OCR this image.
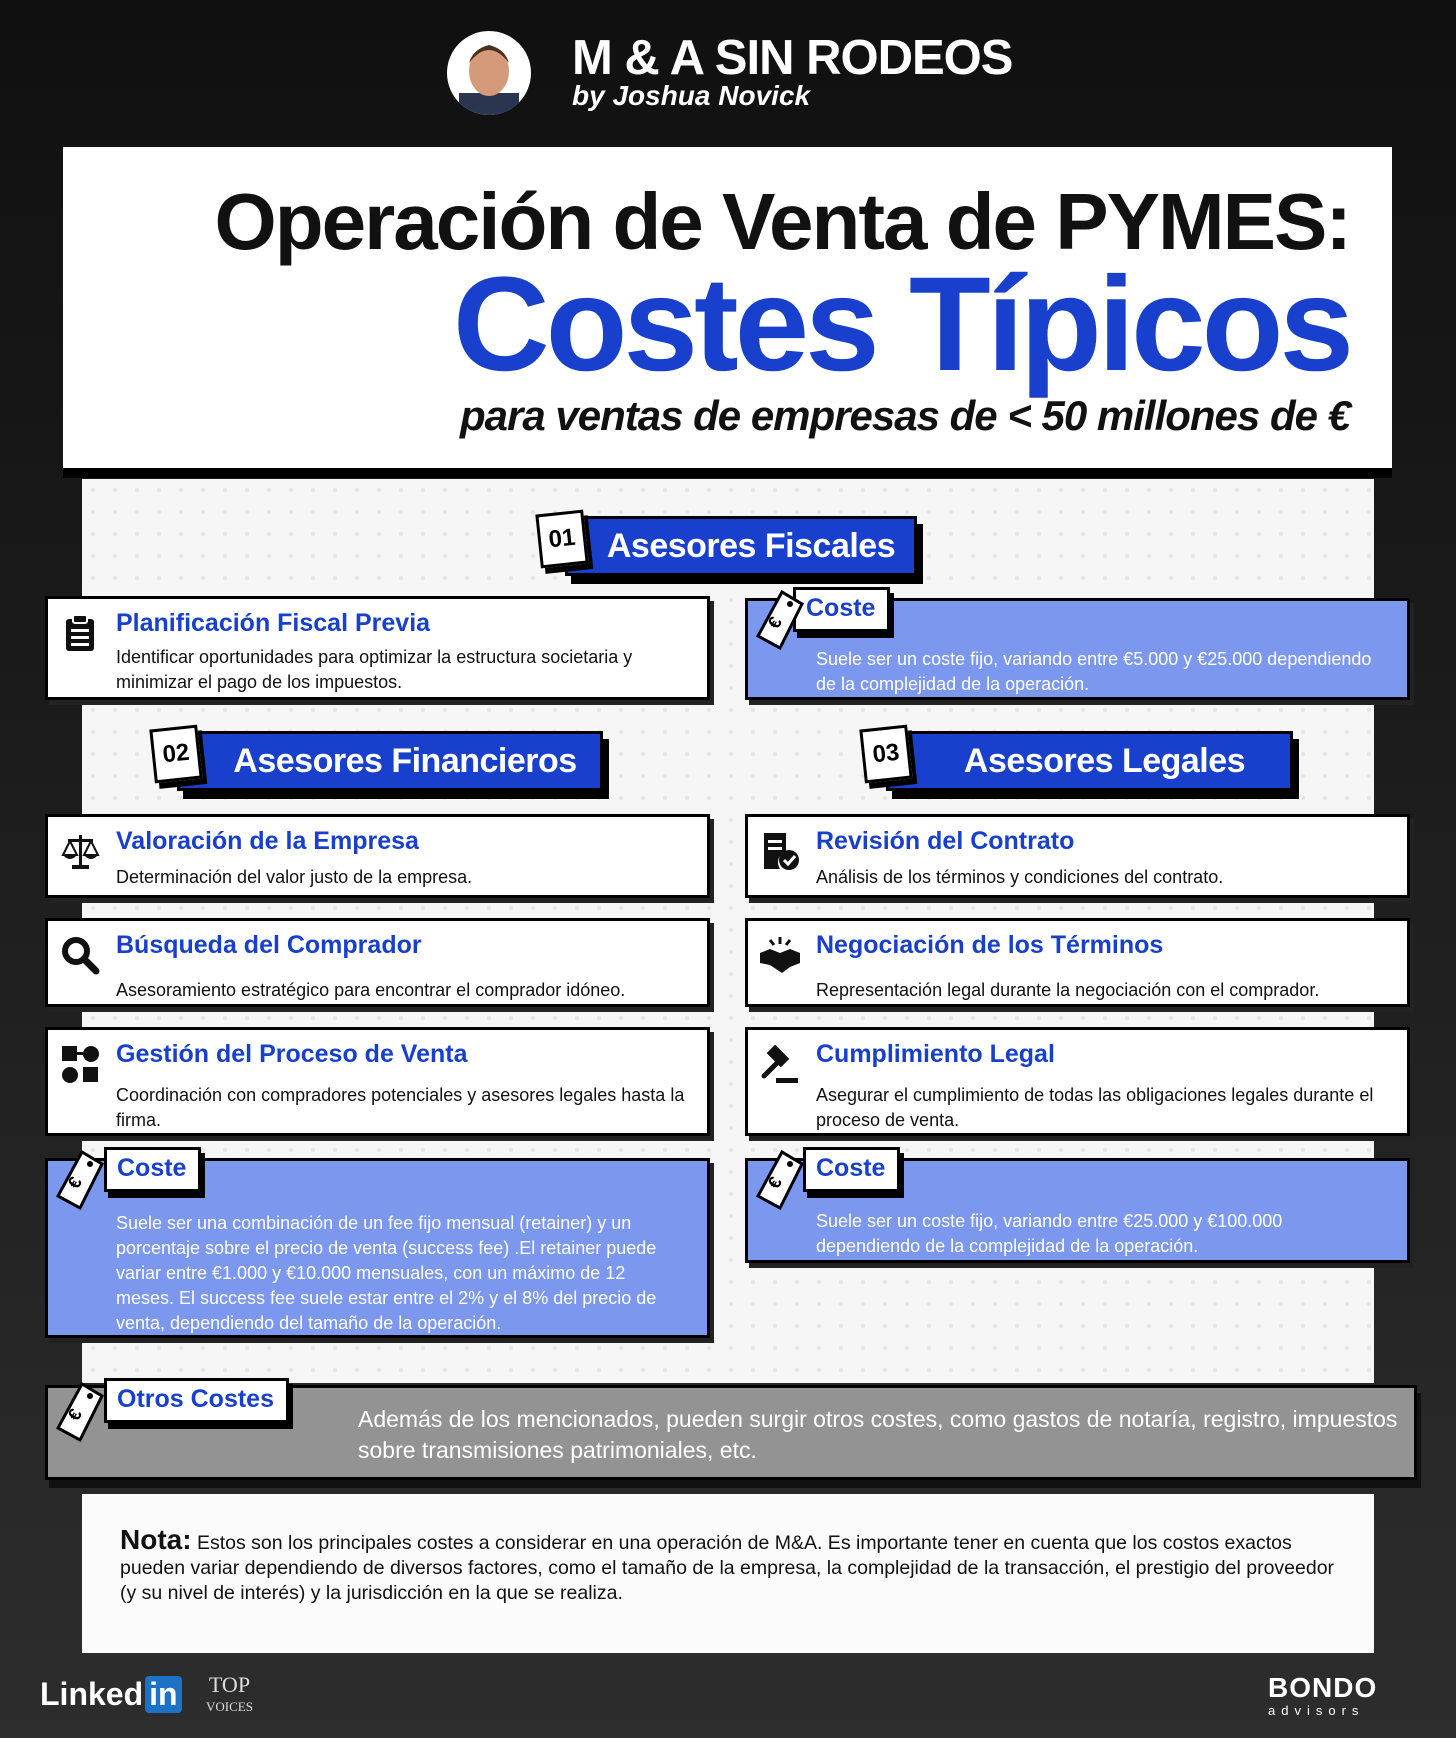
M & A SIN RODEOS
by Joshua Novick
Operación de Venta de PYMES:
Costes Típicos
para ventas de empresas de < 50 millones de €
Asesores Fiscales
01
Asesores Financieros
02	Asesores Legales
03
Planificación Fiscal Previa
Identificar oportunidades para optimizar la estructura societaria y minimizar el pago de los impuestos.
Suele ser un coste fijo, variando entre €5.000 y €25.000 dependiendo de la complejidad de la operación.
Coste
Valoración de la Empresa
Determinación del valor justo de la empresa.
Revisión del Contrato
Análisis de los términos y condiciones del contrato.
Búsqueda del Comprador
Asesoramiento estratégico para encontrar el comprador idóneo.
Negociación de los Términos
Representación legal durante la negociación con el comprador.
Gestión del Proceso de Venta
Coordinación con compradores potenciales y asesores legales hasta la firma.
Cumplimiento Legal
Asegurar el cumplimiento de todas las obligaciones legales durante el proceso de venta.
Suele ser una combinación de un fee fijo mensual (retainer) y un porcentaje sobre el precio de venta (success fee) .El retainer puede variar entre €1.000 y €10.000 mensuales, con un máximo de 12 meses. El success fee suele estar entre el 2% y el 8% del precio de venta, dependiendo del tamaño de la operación.
Coste
Suele ser un coste fijo, variando entre €25.000 y €100.000 dependiendo de la complejidad de la operación.
Coste
Además de los mencionados, pueden surgir otros costes, como gastos de notaría, registro, impuestos sobre transmisiones patrimoniales, etc.
Otros Costes
€
€	€
€
Nota: Estos son los principales costes a considerar en una operación de M&A. Es importante tener en cuenta que los costos exactos pueden variar dependiendo de diversos factores, como el tamaño de la empresa, la complejidad de la transacción, el prestigio del proveedor (y su nivel de interés) y la jurisdicción en la que se realiza.
Linked in TOP
VOICES
BONDO
advisors
